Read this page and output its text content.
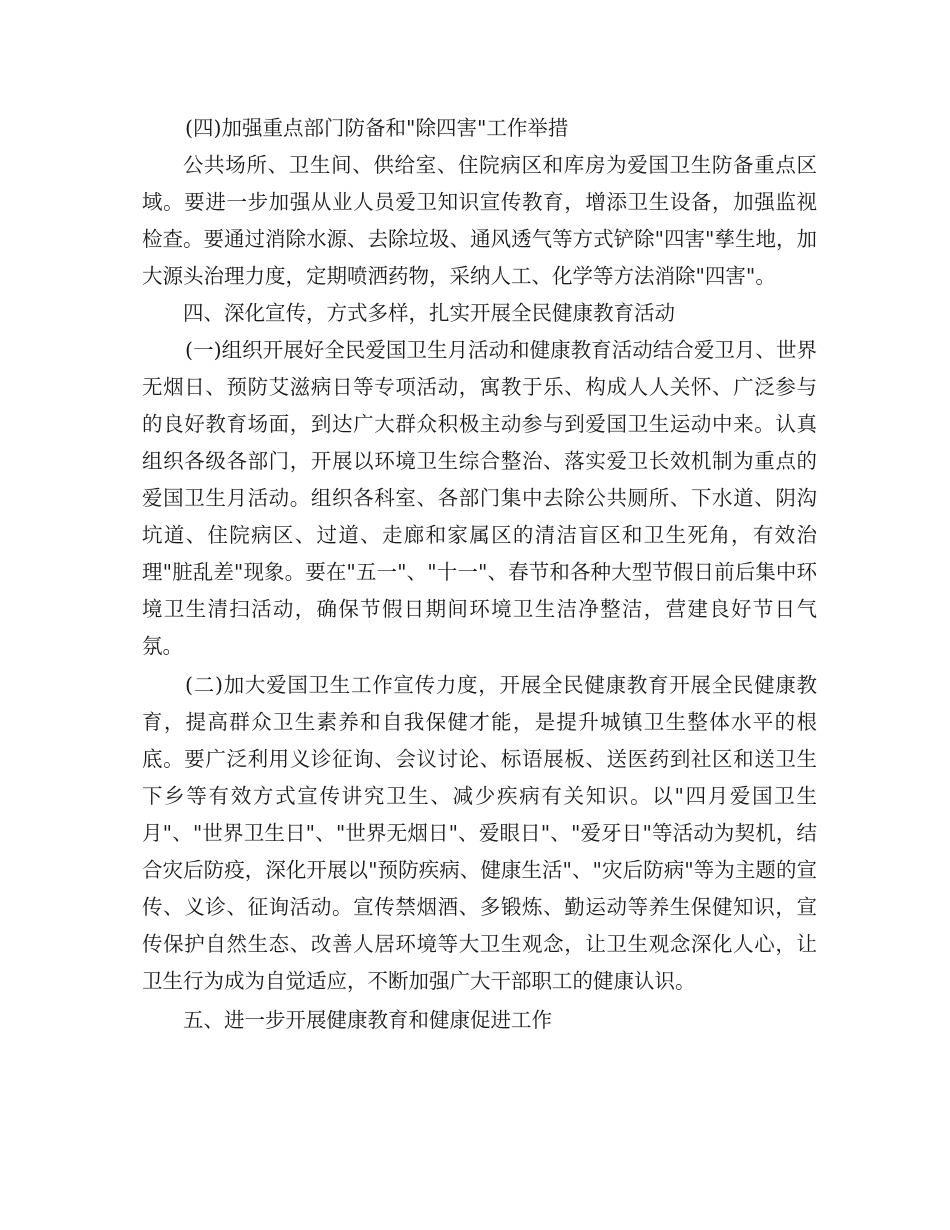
(四)加强重点部门防备和"除四害"工作举措

公共场所、卫生间、供给室、住院病区和库房为爱国卫生防备重点区域。要进一步加强从业人员爱卫知识宣传教育，增添卫生设备，加强监视检查。要通过消除水源、去除垃圾、通风透气等方式铲除"四害"孳生地，加大源头治理力度，定期喷洒药物，采纳人工、化学等方法消除"四害"。

四、深化宣传，方式多样，扎实开展全民健康教育活动

(一)组织开展好全民爱国卫生月活动和健康教育活动结合爱卫月、世界无烟日、预防艾滋病日等专项活动，寓教于乐、构成人人关怀、广泛参与的良好教育场面，到达广大群众积极主动参与到爱国卫生运动中来。认真组织各级各部门，开展以环境卫生综合整治、落实爱卫长效机制为重点的爱国卫生月活动。组织各科室、各部门集中去除公共厕所、下水道、阴沟坑道、住院病区、过道、走廊和家属区的清洁盲区和卫生死角，有效治理"脏乱差"现象。要在"五一"、"十一"、春节和各种大型节假日前后集中环境卫生清扫活动，确保节假日期间环境卫生洁净整洁，营建良好节日气氛。

(二)加大爱国卫生工作宣传力度，开展全民健康教育开展全民健康教育，提高群众卫生素养和自我保健才能，是提升城镇卫生整体水平的根底。要广泛利用义诊征询、会议讨论、标语展板、送医药到社区和送卫生下乡等有效方式宣传讲究卫生、减少疾病有关知识。以"四月爱国卫生月"、"世界卫生日"、"世界无烟日"、爱眼日"、"爱牙日"等活动为契机，结合灾后防疫，深化开展以"预防疾病、健康生活"、"灾后防病"等为主题的宣传、义诊、征询活动。宣传禁烟酒、多锻炼、勤运动等养生保健知识，宣传保护自然生态、改善人居环境等大卫生观念，让卫生观念深化人心，让卫生行为成为自觉适应，不断加强广大干部职工的健康认识。

五、进一步开展健康教育和健康促进工作
